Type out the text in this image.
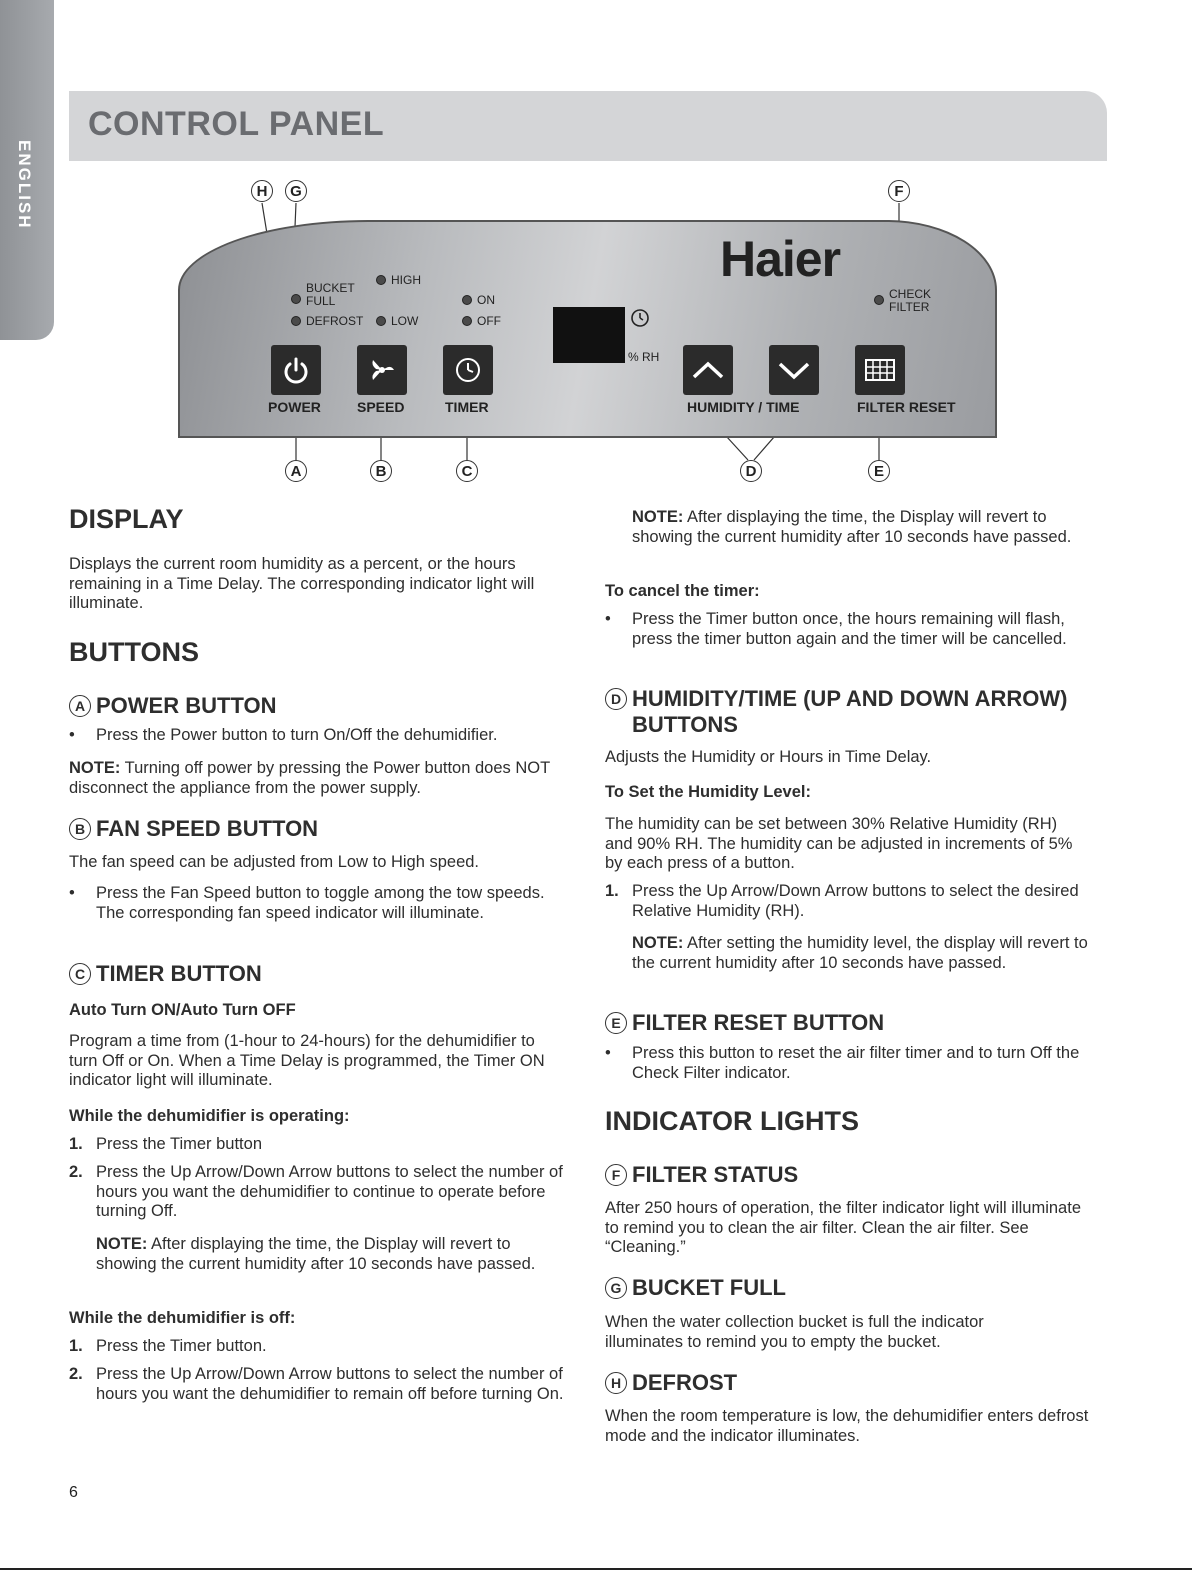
ENGLISH
CONTROL PANEL
H	G	F
Haier
BUCKET
FULL
DEFROST
HIGH
LOW
ON
OFF
% RH
CHECK
FILTER
POWER	SPEED	TIMER	HUMIDITY / TIME	FILTER RESET
A	B	C	D	E
DISPLAY

Displays the current room humidity as a percent, or the hours remaining in a Time Delay. The corresponding indicator light will illuminate.

BUTTONS
A POWER BUTTON
• Press the Power button to turn On/Off the dehumidifier.

NOTE: Turning off power by pressing the Power button does NOT disconnect the appliance from the power supply.

B FAN SPEED BUTTON

The fan speed can be adjusted from Low to High speed.

• Press the Fan Speed button to toggle among the tow speeds. The corresponding fan speed indicator will illuminate.
C TIMER BUTTON

Auto Turn ON/Auto Turn OFF

Program a time from (1-hour to 24-hours) for the dehumidifier to turn Off or On. When a Time Delay is programmed, the Timer ON indicator light will illuminate.

While the dehumidifier is operating:

1. Press the Timer button
2. Press the Up Arrow/Down Arrow buttons to select the number of hours you want the dehumidifier to continue to operate before turning Off.

NOTE: After displaying the time, the Display will revert to showing the current humidity after 10 seconds have passed.

While the dehumidifier is off:

1. Press the Timer button.
2. Press the Up Arrow/Down Arrow buttons to select the number of hours you want the dehumidifier to remain off before turning On.

NOTE: After displaying the time, the Display will revert to showing the current humidity after 10 seconds have passed.

To cancel the timer:

• Press the Timer button once, the hours remaining will flash, press the timer button again and the timer will be cancelled.
D HUMIDITY/TIME (UP AND DOWN ARROW) BUTTONS

Adjusts the Humidity or Hours in Time Delay.

To Set the Humidity Level:

The humidity can be set between 30% Relative Humidity (RH) and 90% RH. The humidity can be adjusted in increments of 5% by each press of a button.

1. Press the Up Arrow/Down Arrow buttons to select the desired Relative Humidity (RH).

NOTE: After setting the humidity level, the display will revert to the current humidity after 10 seconds have passed.

E FILTER RESET BUTTON
• Press this button to reset the air filter timer and to turn Off the Check Filter indicator.
INDICATOR LIGHTS
F FILTER STATUS

After 250 hours of operation, the filter indicator light will illuminate to remind you to clean the air filter. Clean the air filter. See “Cleaning.”

G BUCKET FULL

When the water collection bucket is full the indicator illuminates to remind you to empty the bucket.

H DEFROST

When the room temperature is low, the dehumidifier enters defrost mode and the indicator illuminates.

6
